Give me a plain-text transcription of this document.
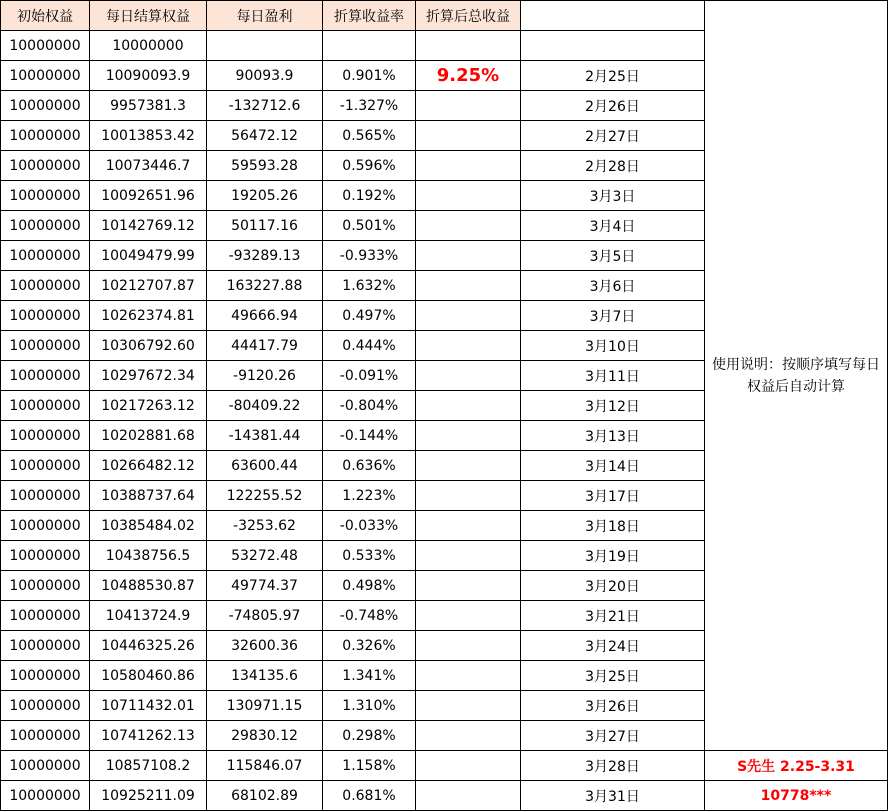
初始权益	每日结算权益	每日盈利	折算收益率	折算后总收益		使用说明：按顺序填写每日权益后自动计算
10000000	10000000					
10000000	10090093.9	90093.9	0.901%	9.25%	2月25日	
10000000	9957381.3	-132712.6	-1.327%		2月26日	
10000000	10013853.42	56472.12	0.565%		2月27日	
10000000	10073446.7	59593.28	0.596%		2月28日	
10000000	10092651.96	19205.26	0.192%		3月3日	
10000000	10142769.12	50117.16	0.501%		3月4日	
10000000	10049479.99	-93289.13	-0.933%		3月5日	
10000000	10212707.87	163227.88	1.632%		3月6日	
10000000	10262374.81	49666.94	0.497%		3月7日	
10000000	10306792.60	44417.79	0.444%		3月10日	
10000000	10297672.34	-9120.26	-0.091%		3月11日	
10000000	10217263.12	-80409.22	-0.804%		3月12日	
10000000	10202881.68	-14381.44	-0.144%		3月13日	
10000000	10266482.12	63600.44	0.636%		3月14日	
10000000	10388737.64	122255.52	1.223%		3月17日	
10000000	10385484.02	-3253.62	-0.033%		3月18日	
10000000	10438756.5	53272.48	0.533%		3月19日	
10000000	10488530.87	49774.37	0.498%		3月20日	
10000000	10413724.9	-74805.97	-0.748%		3月21日	
10000000	10446325.26	32600.36	0.326%		3月24日	
10000000	10580460.86	134135.6	1.341%		3月25日	
10000000	10711432.01	130971.15	1.310%		3月26日	
10000000	10741262.13	29830.12	0.298%		3月27日	
10000000	10857108.2	115846.07	1.158%		3月28日	S先生 2.25-3.31
10000000	10925211.09	68102.89	0.681%		3月31日	10778***
